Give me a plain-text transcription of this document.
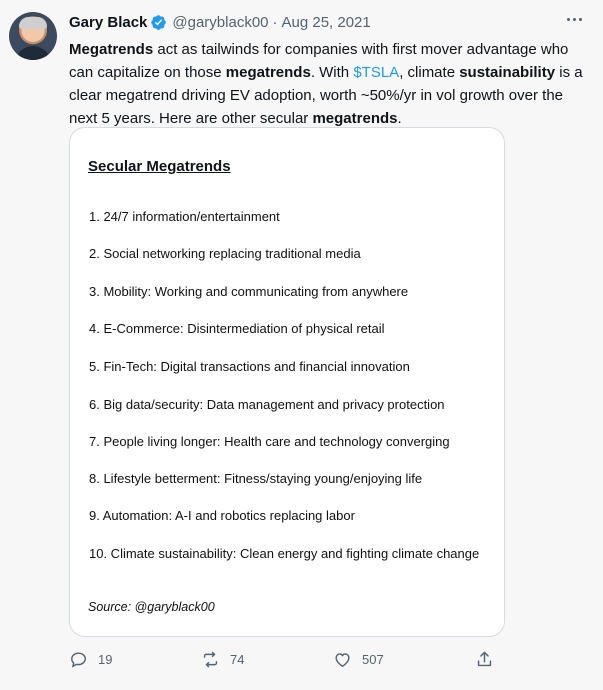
Gary Black @garyblack00 · Aug 25, 2021

Megatrends act as tailwinds for companies with first mover advantage who can capitalize on those megatrends. With $TSLA, climate sustainability is a clear megatrend driving EV adoption, worth ~50%/yr in vol growth over the next 5 years. Here are other secular megatrends.

Secular Megatrends

1. 24/7 information/entertainment
2. Social networking replacing traditional media
3. Mobility: Working and communicating from anywhere
4. E-Commerce: Disintermediation of physical retail
5. Fin-Tech: Digital transactions and financial innovation
6. Big data/security: Data management and privacy protection
7. People living longer: Health care and technology converging
8. Lifestyle betterment: Fitness/staying young/enjoying life
9. Automation: A-I and robotics replacing labor
10. Climate sustainability: Clean energy and fighting climate change
Source: @garyblack00
19	74	507
